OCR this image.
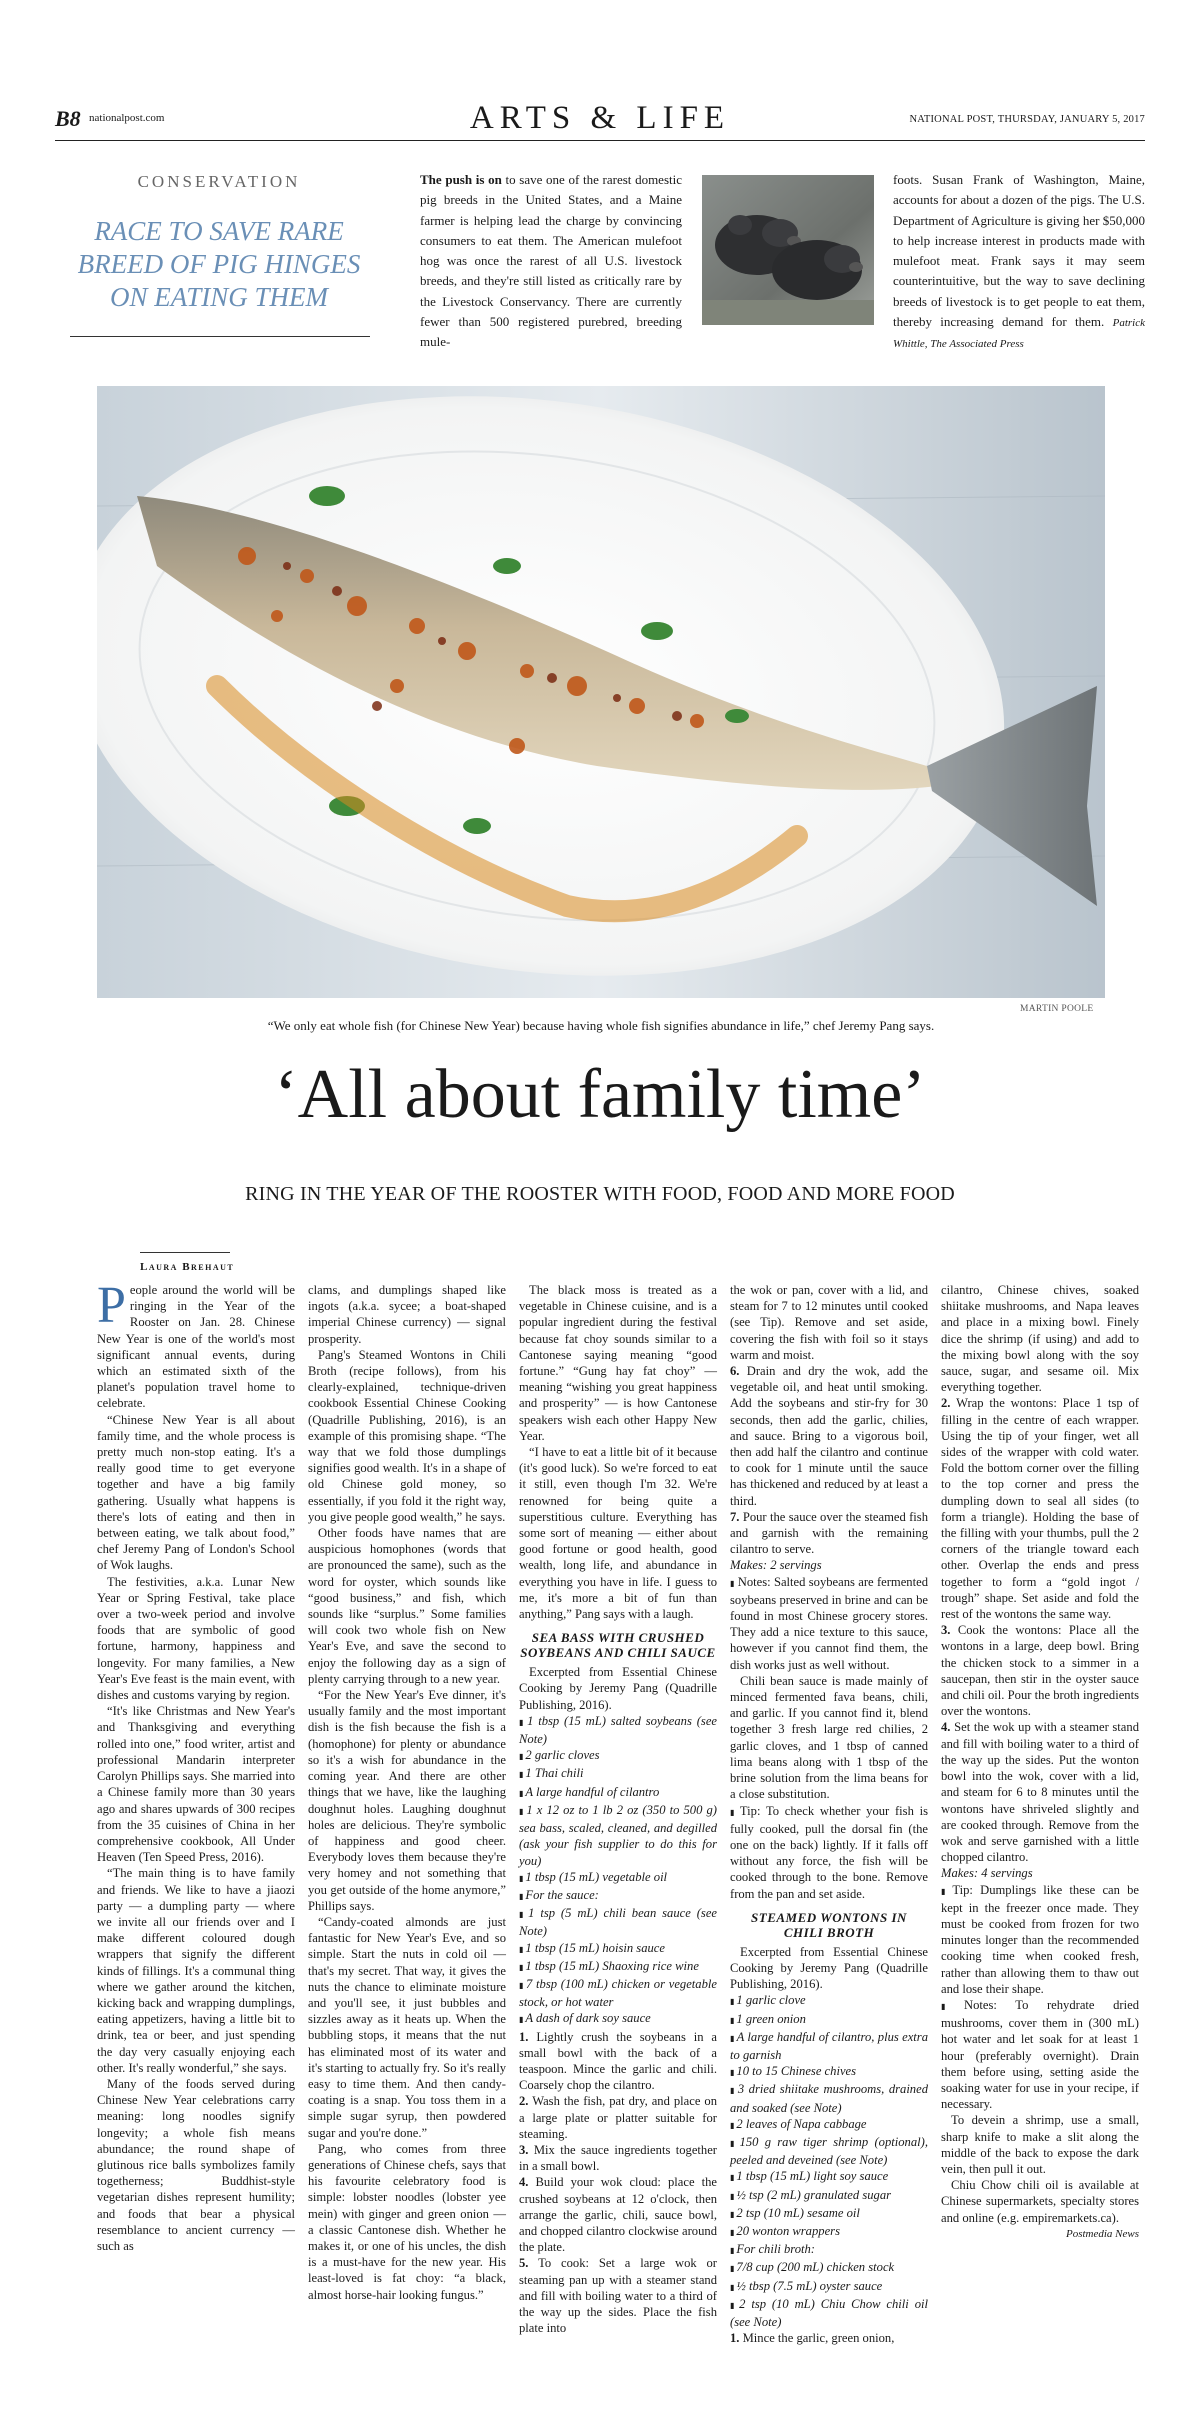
B8 nationalpost.com	ARTS & LIFE	NATIONAL POST, THURSDAY, JANUARY 5, 2017
CONSERVATION
RACE TO SAVE RARE BREED OF PIG HINGES ON EATING THEM
The push is on to save one of the rarest domestic pig breeds in the United States, and a Maine farmer is helping lead the charge by convincing consumers to eat them. The American mulefoot hog was once the rarest of all U.S. livestock breeds, and they're still listed as critically rare by the Livestock Conservancy. There are currently fewer than 500 registered purebred, breeding mule-
foots. Susan Frank of Washington, Maine, accounts for about a dozen of the pigs. The U.S. Department of Agriculture is giving her $50,000 to help increase interest in products made with mulefoot meat. Frank says it may seem counterintuitive, but the way to save declining breeds of livestock is to get people to eat them, thereby increasing demand for them. Patrick Whittle, The Associated Press
MARTIN POOLE
“We only eat whole fish (for Chinese New Year) because having whole fish signifies abundance in life,” chef Jeremy Pang says.
‘All about family time’
RING IN THE YEAR OF THE ROOSTER WITH FOOD, FOOD AND MORE FOOD
Laura Brehaut

People around the world will be ringing in the Year of the Rooster on Jan. 28. Chinese New Year is one of the world's most significant annual events, during which an estimated sixth of the planet's population travel home to celebrate.

“Chinese New Year is all about family time, and the whole process is pretty much non-stop eating. It's a really good time to get everyone together and have a big family gathering. Usually what happens is there's lots of eating and then in between eating, we talk about food,” chef Jeremy Pang of London's School of Wok laughs.

The festivities, a.k.a. Lunar New Year or Spring Festival, take place over a two-week period and involve foods that are symbolic of good fortune, harmony, happiness and longevity. For many families, a New Year's Eve feast is the main event, with dishes and customs varying by region.

“It's like Christmas and New Year's and Thanksgiving and everything rolled into one,” food writer, artist and professional Mandarin interpreter Carolyn Phillips says. She married into a Chinese family more than 30 years ago and shares upwards of 300 recipes from the 35 cuisines of China in her comprehensive cookbook, All Under Heaven (Ten Speed Press, 2016).

“The main thing is to have family and friends. We like to have a jiaozi party — a dumpling party — where we invite all our friends over and I make different coloured dough wrappers that signify the different kinds of fillings. It's a communal thing where we gather around the kitchen, kicking back and wrapping dumplings, eating appetizers, having a little bit to drink, tea or beer, and just spending the day very casually enjoying each other. It's really wonderful,” she says.

Many of the foods served during Chinese New Year celebrations carry meaning: long noodles signify longevity; a whole fish means abundance; the round shape of glutinous rice balls symbolizes family togetherness; Buddhist-style vegetarian dishes represent humility; and foods that bear a physical resemblance to ancient currency — such as

clams, and dumplings shaped like ingots (a.k.a. sycee; a boat-shaped imperial Chinese currency) — signal prosperity.

Pang's Steamed Wontons in Chili Broth (recipe follows), from his clearly-explained, technique-driven cookbook Essential Chinese Cooking (Quadrille Publishing, 2016), is an example of this promising shape. “The way that we fold those dumplings signifies good wealth. It's in a shape of old Chinese gold money, so essentially, if you fold it the right way, you give people good wealth,” he says.

Other foods have names that are auspicious homophones (words that are pronounced the same), such as the word for oyster, which sounds like “good business,” and fish, which sounds like “surplus.” Some families will cook two whole fish on New Year's Eve, and save the second to enjoy the following day as a sign of plenty carrying through to a new year.

“For the New Year's Eve dinner, it's usually family and the most important dish is the fish because the fish is a (homophone) for plenty or abundance so it's a wish for abundance in the coming year. And there are other things that we have, like the laughing doughnut holes. Laughing doughnut holes are delicious. They're symbolic of happiness and good cheer. Everybody loves them because they're very homey and not something that you get outside of the home anymore,” Phillips says.

“Candy-coated almonds are just fantastic for New Year's Eve, and so simple. Start the nuts in cold oil — that's my secret. That way, it gives the nuts the chance to eliminate moisture and you'll see, it just bubbles and sizzles away as it heats up. When the bubbling stops, it means that the nut has eliminated most of its water and it's starting to actually fry. So it's really easy to time them. And then candy-coating is a snap. You toss them in a simple sugar syrup, then powdered sugar and you're done.”

Pang, who comes from three generations of Chinese chefs, says that his favourite celebratory food is simple: lobster noodles (lobster yee mein) with ginger and green onion — a classic Cantonese dish. Whether he makes it, or one of his uncles, the dish is a must-have for the new year. His least-loved is fat choy: “a black, almost horse-hair looking fungus.”

The black moss is treated as a vegetable in Chinese cuisine, and is a popular ingredient during the festival because fat choy sounds similar to a Cantonese saying meaning “good fortune.” “Gung hay fat choy” — meaning “wishing you great happiness and prosperity” — is how Cantonese speakers wish each other Happy New Year.

“I have to eat a little bit of it because (it's good luck). So we're forced to eat it still, even though I'm 32. We're renowned for being quite a superstitious culture. Everything has some sort of meaning — either about good fortune or good health, good wealth, long life, and abundance in everything you have in life. I guess to me, it's more a bit of fun than anything,” Pang says with a laugh.

SEA BASS WITH CRUSHED SOYBEANS AND CHILI SAUCE

Excerpted from Essential Chinese Cooking by Jeremy Pang (Quadrille Publishing, 2016).

▮ 1 tbsp (15 mL) salted soybeans (see Note)

▮ 2 garlic cloves

▮ 1 Thai chili

▮ A large handful of cilantro

▮ 1 x 12 oz to 1 lb 2 oz (350 to 500 g) sea bass, scaled, cleaned, and degilled (ask your fish supplier to do this for you)

▮ 1 tbsp (15 mL) vegetable oil

▮ For the sauce:

▮ 1 tsp (5 mL) chili bean sauce (see Note)

▮ 1 tbsp (15 mL) hoisin sauce

▮ 1 tbsp (15 mL) Shaoxing rice wine

▮ 7 tbsp (100 mL) chicken or vegetable stock, or hot water

▮ A dash of dark soy sauce

1. Lightly crush the soybeans in a small bowl with the back of a teaspoon. Mince the garlic and chili. Coarsely chop the cilantro.

2. Wash the fish, pat dry, and place on a large plate or platter suitable for steaming.

3. Mix the sauce ingredients together in a small bowl.

4. Build your wok cloud: place the crushed soybeans at 12 o'clock, then arrange the garlic, chili, sauce bowl, and chopped cilantro clockwise around the plate.

5. To cook: Set a large wok or steaming pan up with a steamer stand and fill with boiling water to a third of the way up the sides. Place the fish plate into

the wok or pan, cover with a lid, and steam for 7 to 12 minutes until cooked (see Tip). Remove and set aside, covering the fish with foil so it stays warm and moist.

6. Drain and dry the wok, add the vegetable oil, and heat until smoking. Add the soybeans and stir-fry for 30 seconds, then add the garlic, chilies, and sauce. Bring to a vigorous boil, then add half the cilantro and continue to cook for 1 minute until the sauce has thickened and reduced by at least a third.

7. Pour the sauce over the steamed fish and garnish with the remaining cilantro to serve.

Makes: 2 servings

▮ Notes: Salted soybeans are fermented soybeans preserved in brine and can be found in most Chinese grocery stores. They add a nice texture to this sauce, however if you cannot find them, the dish works just as well without.

Chili bean sauce is made mainly of minced fermented fava beans, chili, and garlic. If you cannot find it, blend together 3 fresh large red chilies, 2 garlic cloves, and 1 tbsp of canned lima beans along with 1 tbsp of the brine solution from the lima beans for a close substitution.

▮ Tip: To check whether your fish is fully cooked, pull the dorsal fin (the one on the back) lightly. If it falls off without any force, the fish will be cooked through to the bone. Remove from the pan and set aside.

STEAMED WONTONS IN CHILI BROTH

Excerpted from Essential Chinese Cooking by Jeremy Pang (Quadrille Publishing, 2016).

▮ 1 garlic clove

▮ 1 green onion

▮ A large handful of cilantro, plus extra to garnish

▮ 10 to 15 Chinese chives

▮ 3 dried shiitake mushrooms, drained and soaked (see Note)

▮ 2 leaves of Napa cabbage

▮ 150 g raw tiger shrimp (optional), peeled and deveined (see Note)

▮ 1 tbsp (15 mL) light soy sauce

▮ ½ tsp (2 mL) granulated sugar

▮ 2 tsp (10 mL) sesame oil

▮ 20 wonton wrappers

▮ For chili broth:

▮ 7/8 cup (200 mL) chicken stock

▮ ½ tbsp (7.5 mL) oyster sauce

▮ 2 tsp (10 mL) Chiu Chow chili oil (see Note)

1. Mince the garlic, green onion,

cilantro, Chinese chives, soaked shiitake mushrooms, and Napa leaves and place in a mixing bowl. Finely dice the shrimp (if using) and add to the mixing bowl along with the soy sauce, sugar, and sesame oil. Mix everything together.

2. Wrap the wontons: Place 1 tsp of filling in the centre of each wrapper. Using the tip of your finger, wet all sides of the wrapper with cold water. Fold the bottom corner over the filling to the top corner and press the dumpling down to seal all sides (to form a triangle). Holding the base of the filling with your thumbs, pull the 2 corners of the triangle toward each other. Overlap the ends and press together to form a “gold ingot / trough” shape. Set aside and fold the rest of the wontons the same way.

3. Cook the wontons: Place all the wontons in a large, deep bowl. Bring the chicken stock to a simmer in a saucepan, then stir in the oyster sauce and chili oil. Pour the broth ingredients over the wontons.

4. Set the wok up with a steamer stand and fill with boiling water to a third of the way up the sides. Put the wonton bowl into the wok, cover with a lid, and steam for 6 to 8 minutes until the wontons have shriveled slightly and are cooked through. Remove from the wok and serve garnished with a little chopped cilantro.

Makes: 4 servings

▮ Tip: Dumplings like these can be kept in the freezer once made. They must be cooked from frozen for two minutes longer than the recommended cooking time when cooked fresh, rather than allowing them to thaw out and lose their shape.

▮ Notes: To rehydrate dried mushrooms, cover them in (300 mL) hot water and let soak for at least 1 hour (preferably overnight). Drain them before using, setting aside the soaking water for use in your recipe, if necessary.

To devein a shrimp, use a small, sharp knife to make a slit along the middle of the back to expose the dark vein, then pull it out.

Chiu Chow chili oil is available at Chinese supermarkets, specialty stores and online (e.g. empiremarkets.ca).

Postmedia News
